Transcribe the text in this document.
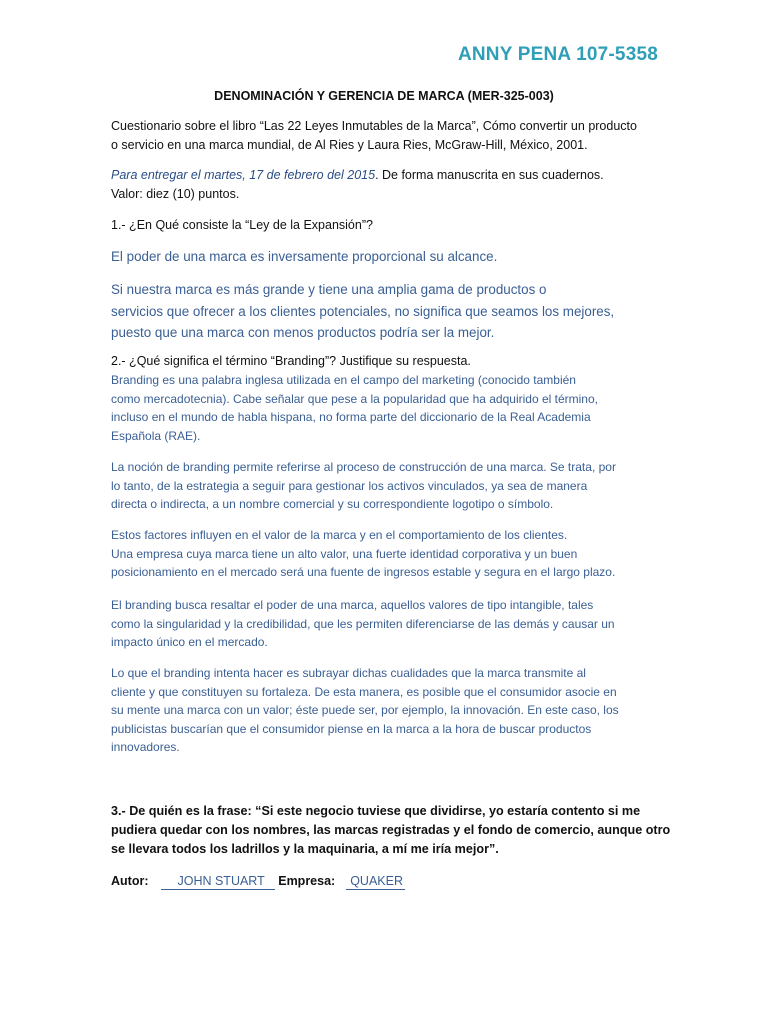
ANNY PENA 107-5358
DENOMINACIÓN Y GERENCIA DE MARCA (MER-325-003)
Cuestionario sobre el libro “Las 22 Leyes Inmutables de la Marca”, Cómo convertir un producto
o servicio en una marca mundial, de Al Ries y Laura Ries, McGraw-Hill, México, 2001.
Para entregar el martes, 17 de febrero del 2015. De forma manuscrita en sus cuadernos.
Valor: diez (10) puntos.
1.- ¿En Qué consiste la “Ley de la Expansión”?
El poder de una marca es inversamente proporcional su alcance.
Si nuestra marca es más grande y tiene una amplia gama de productos o
servicios que ofrecer a los clientes potenciales, no significa que seamos los mejores,
puesto que una marca con menos productos podría ser la mejor.
2.- ¿Qué significa el término “Branding”? Justifique su respuesta.
Branding es una palabra inglesa utilizada en el campo del marketing (conocido también
como mercadotecnia). Cabe señalar que pese a la popularidad que ha adquirido el término,
incluso en el mundo de habla hispana, no forma parte del diccionario de la Real Academia
Española (RAE).
La noción de branding permite referirse al proceso de construcción de una marca. Se trata, por
lo tanto, de la estrategia a seguir para gestionar los activos vinculados, ya sea de manera
directa o indirecta, a un nombre comercial y su correspondiente logotipo o símbolo.
Estos factores influyen en el valor de la marca y en el comportamiento de los clientes.
Una empresa cuya marca tiene un alto valor, una fuerte identidad corporativa y un buen
posicionamiento en el mercado será una fuente de ingresos estable y segura en el largo plazo.
El branding busca resaltar el poder de una marca, aquellos valores de tipo intangible, tales
como la singularidad y la credibilidad, que les permiten diferenciarse de las demás y causar un
impacto único en el mercado.
Lo que el branding intenta hacer es subrayar dichas cualidades que la marca transmite al
cliente y que constituyen su fortaleza. De esta manera, es posible que el consumidor asocie en
su mente una marca con un valor; éste puede ser, por ejemplo, la innovación. En este caso, los
publicistas buscarían que el consumidor piense en la marca a la hora de buscar productos
innovadores.
3.- De quién es la frase: “Si este negocio tuviese que dividirse, yo estaría contento si me
pudiera quedar con los nombres, las marcas registradas y el fondo de comercio, aunque otro
se llevara todos los ladrillos y la maquinaria, a mí me iría mejor”.
Autor: JOHN STUART Empresa: QUAKER
